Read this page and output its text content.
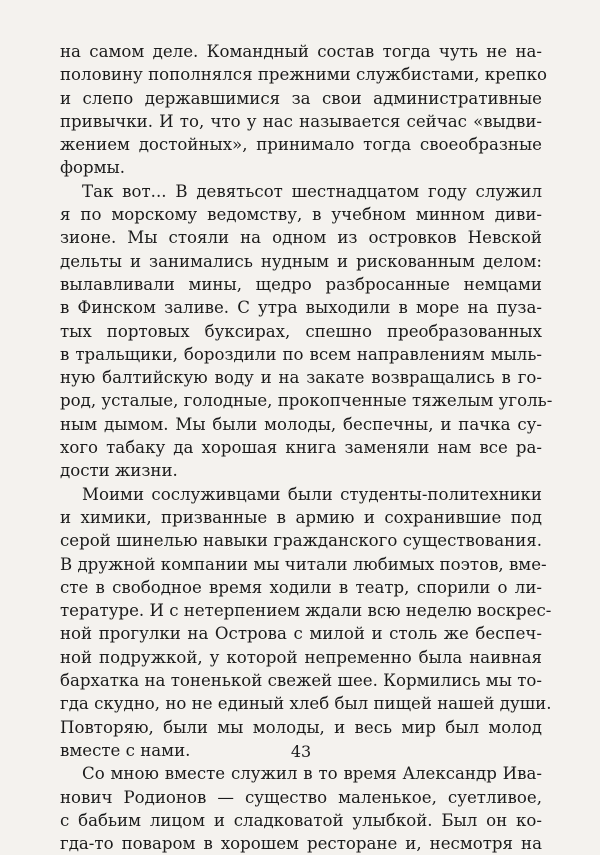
на самом деле. Командный состав тогда чуть не на-
половину пополнялся прежними службистами, крепко
и слепо державшимися за свои административные
привычки. И то, что у нас называется сейчас «выдви-
жением достойных», принимало тогда своеобразные
формы.
Так вот... В девятьсот шестнадцатом году служил
я по морскому ведомству, в учебном минном диви-
зионе. Мы стояли на одном из островков Невской
дельты и занимались нудным и рискованным делом:
вылавливали мины, щедро разбросанные немцами
в Финском заливе. С утра выходили в море на пуза-
тых портовых буксирах, спешно преобразованных
в тральщики, бороздили по всем направлениям мыль-
ную балтийскую воду и на закате возвращались в го-
род, усталые, голодные, прокопченные тяжелым уголь-
ным дымом. Мы были молоды, беспечны, и пачка су-
хого табаку да хорошая книга заменяли нам все ра-
дости жизни.
Моими сослуживцами были студенты-политехники
и химики, призванные в армию и сохранившие под
серой шинелью навыки гражданского существования.
В дружной компании мы читали любимых поэтов, вме-
сте в свободное время ходили в театр, спорили о ли-
тературе. И с нетерпением ждали всю неделю воскрес-
ной прогулки на Острова с милой и столь же беспеч-
ной подружкой, у которой непременно была наивная
бархатка на тоненькой свежей шее. Кормились мы то-
гда скудно, но не единый хлеб был пищей нашей души.
Повторяю, были мы молоды, и весь мир был молод
вместе с нами.
Со мною вместе служил в то время Александр Ива-
нович Родионов — существо маленькое, суетливое,
с бабьим лицом и сладковатой улыбкой. Был он ко-
гда-то поваром в хорошем ресторане и, несмотря на
43
